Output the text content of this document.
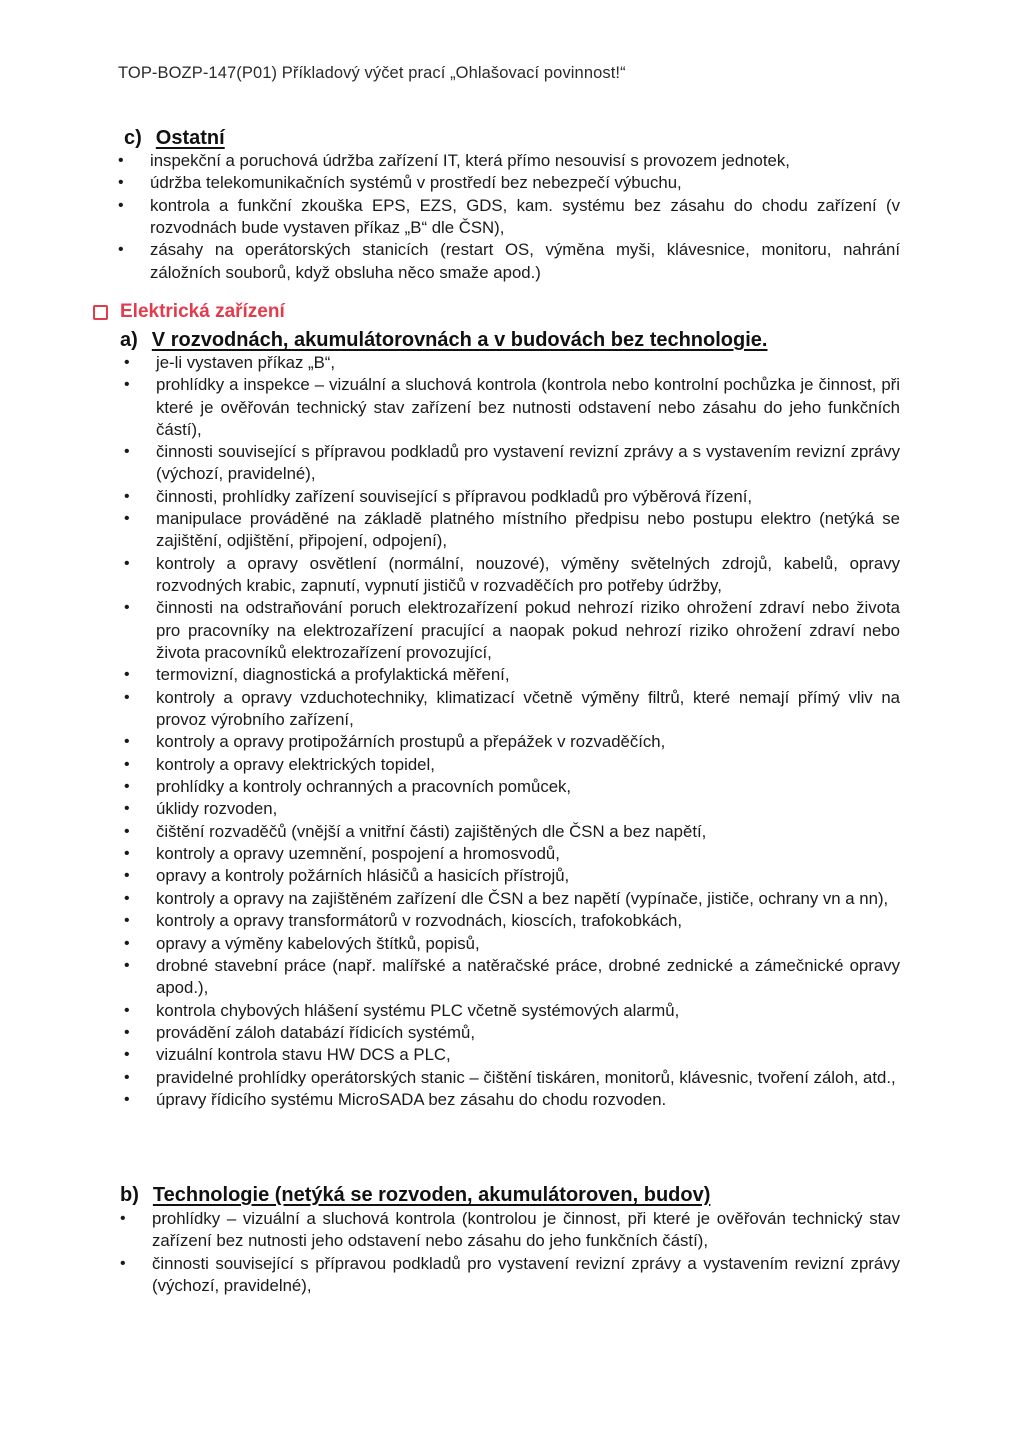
TOP-BOZP-147(P01) Příkladový výčet prací „Ohlašovací povinnost!“
c) Ostatní
• inspekční a poruchová údržba zařízení IT, která přímo nesouvisí s provozem jednotek,
• údržba telekomunikačních systémů v prostředí bez nebezpečí výbuchu,
• kontrola a funkční zkouška EPS, EZS, GDS, kam. systému bez zásahu do chodu zařízení (v rozvodnách bude vystaven příkaz „B“ dle ČSN),
• zásahy na operátorských stanicích (restart OS, výměna myši, klávesnice, monitoru, nahrání záložních souborů, když obsluha něco smaže apod.)
Elektrická zařízení
a) V rozvodnách, akumulátorovnách a v budovách bez technologie.
• je-li vystaven příkaz „B“,
• prohlídky a inspekce – vizuální a sluchová kontrola (kontrola nebo kontrolní pochůzka je činnost, při které je ověřován technický stav zařízení bez nutnosti odstavení nebo zásahu do jeho funkčních částí),
• činnosti související s přípravou podkladů pro vystavení revizní zprávy a s vystavením revizní zprávy (výchozí, pravidelné),
• činnosti, prohlídky zařízení související s přípravou podkladů pro výběrová řízení,
• manipulace prováděné na základě platného místního předpisu nebo postupu elektro (netýká se zajištění, odjištění, připojení, odpojení),
• kontroly a opravy osvětlení (normální, nouzové), výměny světelných zdrojů, kabelů, opravy rozvodných krabic, zapnutí, vypnutí jističů v rozvaděčích pro potřeby údržby,
• činnosti na odstraňování poruch elektrozařízení pokud nehrozí riziko ohrožení zdraví nebo života pro pracovníky na elektrozařízení pracující a naopak pokud nehrozí riziko ohrožení zdraví nebo života pracovníků elektrozařízení provozující,
• termovizní, diagnostická a profylaktická měření,
• kontroly a opravy vzduchotechniky, klimatizací včetně výměny filtrů, které nemají přímý vliv na provoz výrobního zařízení,
• kontroly a opravy protipožárních prostupů a přepážek v rozvaděčích,
• kontroly a opravy elektrických topidel,
• prohlídky a kontroly ochranných a pracovních pomůcek,
• úklidy rozvoden,
• čištění rozvaděčů (vnější a vnitřní části) zajištěných dle ČSN a bez napětí,
• kontroly a opravy uzemnění, pospojení a hromosvodů,
• opravy a kontroly požárních hlásičů a hasicích přístrojů,
• kontroly a opravy na zajištěném zařízení dle ČSN a bez napětí (vypínače, jističe, ochrany vn a nn),
• kontroly a opravy transformátorů v rozvodnách, kioscích, trafokobkách,
• opravy a výměny kabelových štítků, popisů,
• drobné stavební práce (např. malířské a natěračské práce, drobné zednické a zámečnické opravy apod.),
• kontrola chybových hlášení systému PLC včetně systémových alarmů,
• provádění záloh databází řídicích systémů,
• vizuální kontrola stavu HW DCS a PLC,
• pravidelné prohlídky operátorských stanic – čištění tiskáren, monitorů, klávesnic, tvoření záloh, atd.,
• úpravy řídicího systému MicroSADA bez zásahu do chodu rozvoden.
b) Technologie (netýká se rozvoden, akumulátoroven, budov)
• prohlídky – vizuální a sluchová kontrola (kontrolou je činnost, při které je ověřován technický stav zařízení bez nutnosti jeho odstavení nebo zásahu do jeho funkčních částí),
• činnosti související s přípravou podkladů pro vystavení revizní zprávy a vystavením revizní zprávy (výchozí, pravidelné),
